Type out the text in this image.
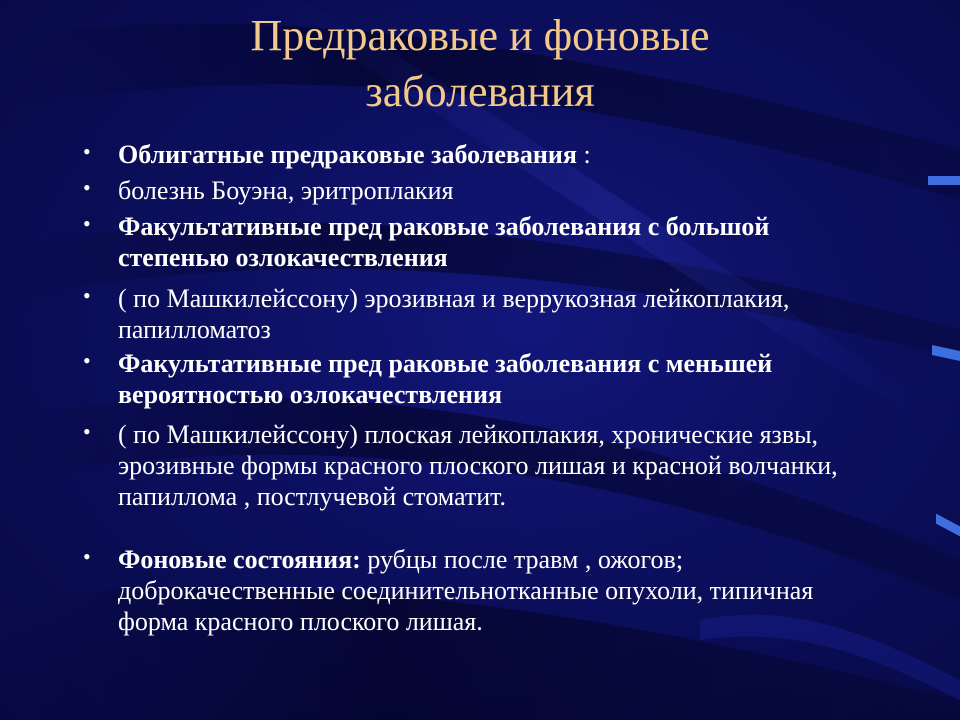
Предраковые и фоновые
заболевания
• Облигатные предраковые заболевания :
• болезнь Боуэна, эритроплакия
• Факультативные пред раковые заболевания с большой степенью озлокачествления
• ( по Машкилейссону) эрозивная и веррукозная лейкоплакия, папилломатоз
• Факультативные пред раковые заболевания с меньшей вероятностью озлокачествления
• ( по Машкилейссону) плоская лейкоплакия, хронические язвы, эрозивные формы красного плоского лишая и красной волчанки, папиллома , постлучевой стоматит.
• Фоновые состояния: рубцы после травм , ожогов; доброкачественные соединительнотканные опухоли, типичная форма красного плоского лишая.
